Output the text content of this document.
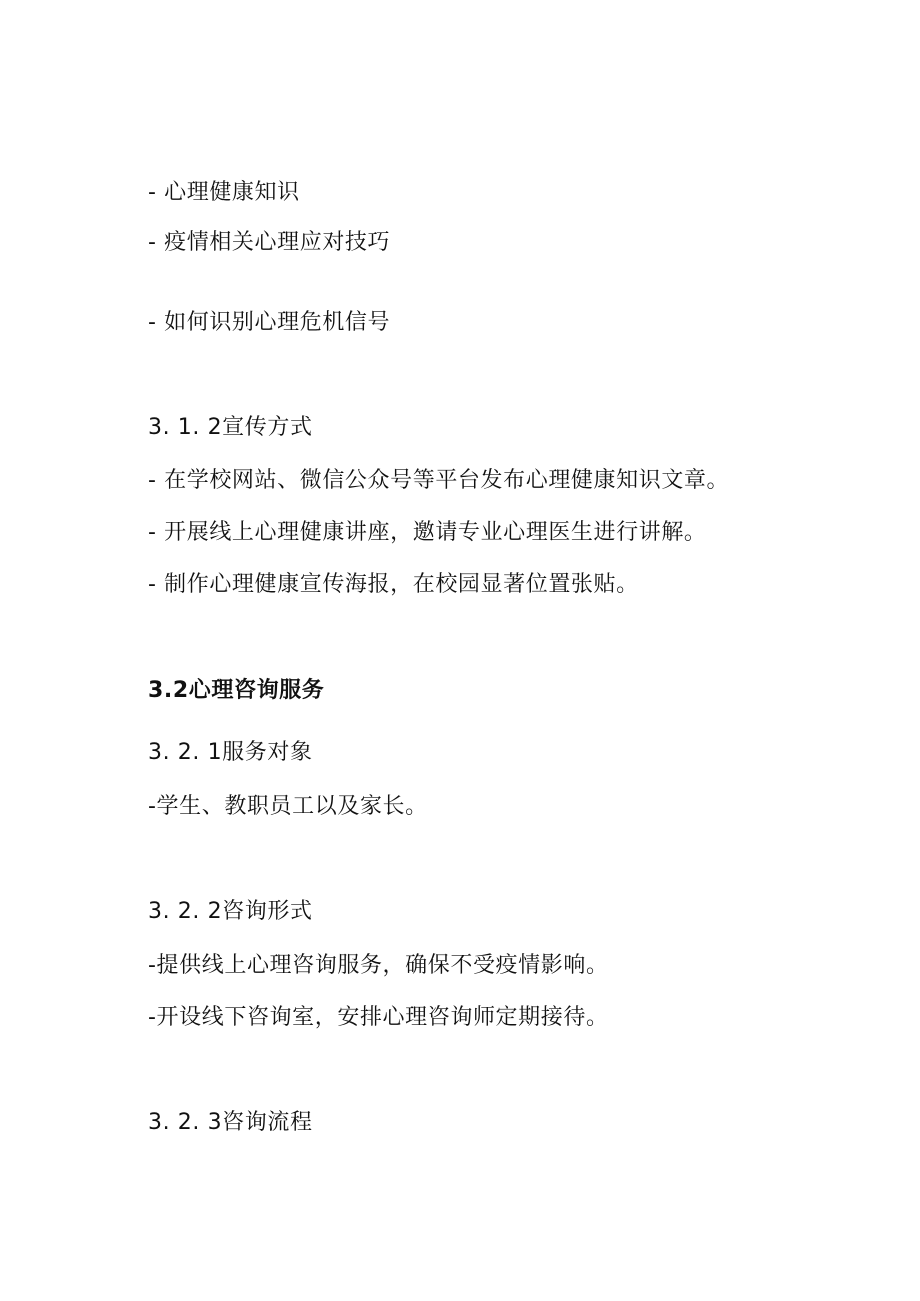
- 心理健康知识
- 疫情相关心理应对技巧
- 如何识别心理危机信号
3. 1. 2宣传方式
- 在学校网站、微信公众号等平台发布心理健康知识文章。
- 开展线上心理健康讲座，邀请专业心理医生进行讲解。
- 制作心理健康宣传海报，在校园显著位置张贴。
3.2心理咨询服务
3. 2. 1服务对象
-学生、教职员工以及家长。
3. 2. 2咨询形式
-提供线上心理咨询服务，确保不受疫情影响。
-开设线下咨询室，安排心理咨询师定期接待。
3. 2. 3咨询流程
